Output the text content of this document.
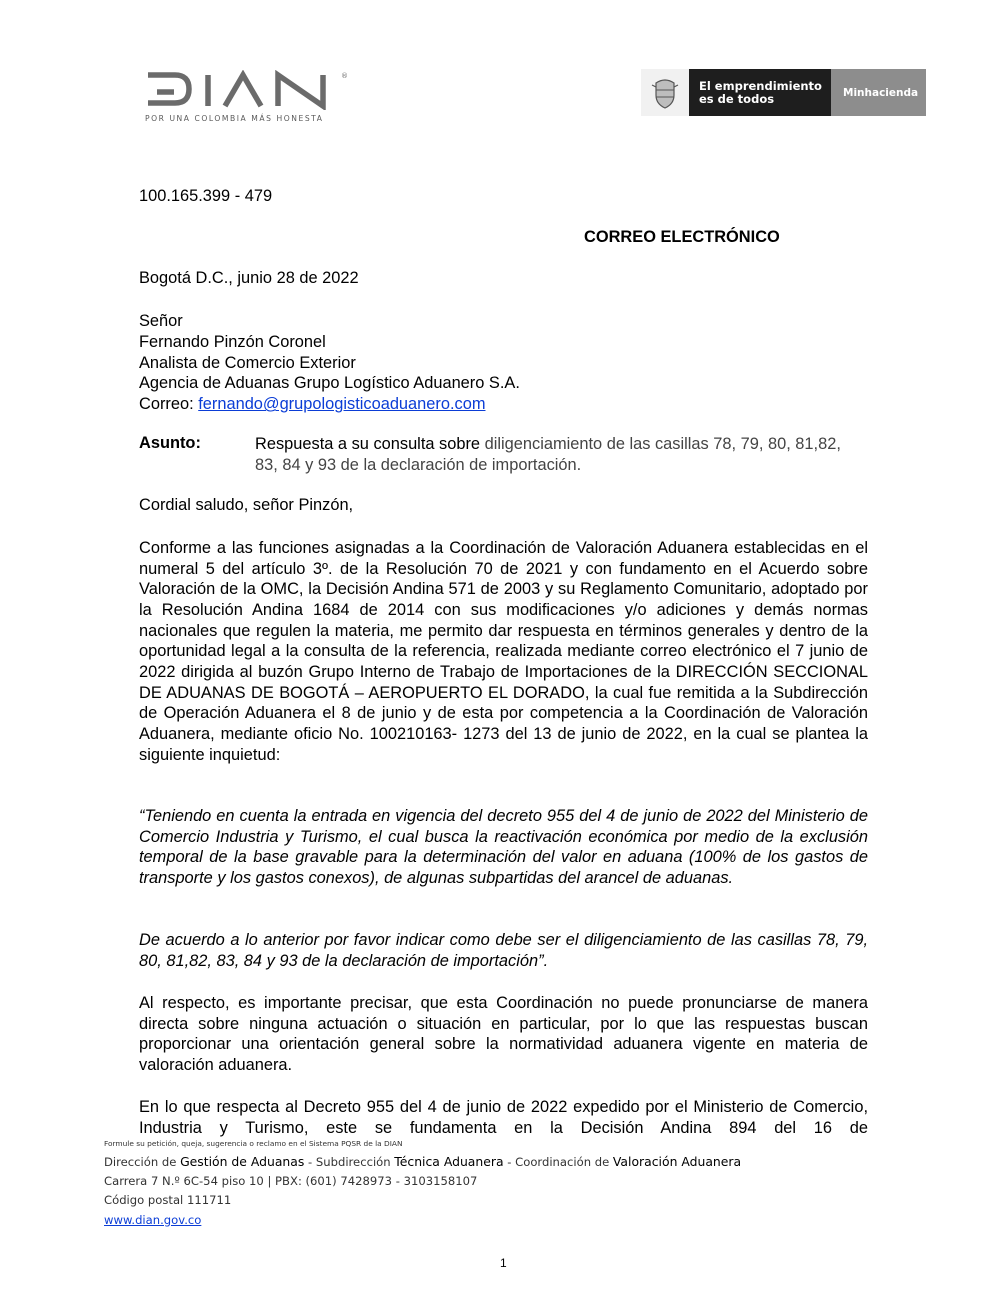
®
POR UNA COLOMBIA MÁS HONESTA
El emprendimiento
es de todos	Minhacienda
100.165.399 - 479
CORREO ELECTRÓNICO
Bogotá D.C., junio 28 de 2022
Señor
Fernando Pinzón Coronel
Analista de Comercio Exterior
Agencia de Aduanas Grupo Logístico Aduanero S.A.
Correo: fernando@grupologisticoaduanero.com
Asunto:	Respuesta a su consulta sobre diligenciamiento de las casillas 78, 79, 80, 81,82, 83, 84 y 93 de la declaración de importación.
Cordial saludo, señor Pinzón,
Conforme a las funciones asignadas a la Coordinación de Valoración Aduanera establecidas en el numeral 5 del artículo 3º. de la Resolución 70 de 2021 y con fundamento en el Acuerdo sobre Valoración de la OMC, la Decisión Andina 571 de 2003 y su Reglamento Comunitario, adoptado por la Resolución Andina 1684 de 2014 con sus modificaciones y/o adiciones y demás normas nacionales que regulen la materia, me permito dar respuesta en términos generales y dentro de la oportunidad legal a la consulta de la referencia, realizada mediante correo electrónico el 7 junio de 2022 dirigida al buzón Grupo Interno de Trabajo de Importaciones de la DIRECCIÓN SECCIONAL DE ADUANAS DE BOGOTÁ – AEROPUERTO EL DORADO, la cual fue remitida a la Subdirección de Operación Aduanera el 8 de junio y de esta por competencia a la Coordinación de Valoración Aduanera, mediante oficio No. 100210163- 1273 del 13 de junio de 2022, en la cual se plantea la siguiente inquietud:
“Teniendo en cuenta la entrada en vigencia del decreto 955 del 4 de junio de 2022 del Ministerio de Comercio Industria y Turismo, el cual busca la reactivación económica por medio de la exclusión temporal de la base gravable para la determinación del valor en aduana (100% de los gastos de transporte y los gastos conexos), de algunas subpartidas del arancel de aduanas.
De acuerdo a lo anterior por favor indicar como debe ser el diligenciamiento de las casillas 78, 79, 80, 81,82, 83, 84 y 93 de la declaración de importación”.
Al respecto, es importante precisar, que esta Coordinación no puede pronunciarse de manera directa sobre ninguna actuación o situación en particular, por lo que las respuestas buscan proporcionar una orientación general sobre la normatividad aduanera vigente en materia de valoración aduanera.
En lo que respecta al Decreto 955 del 4 de junio de 2022 expedido por el Ministerio de Comercio, Industria y Turismo, este se fundamenta en la Decisión Andina 894 del 16 de
Formule su petición, queja, sugerencia o reclamo en el Sistema PQSR de la DIAN
Dirección de Gestión de Aduanas - Subdirección Técnica Aduanera - Coordinación de Valoración Aduanera
Carrera 7 N.º 6C-54 piso 10 | PBX: (601) 7428973 - 3103158107
Código postal 111711
www.dian.gov.co
1
